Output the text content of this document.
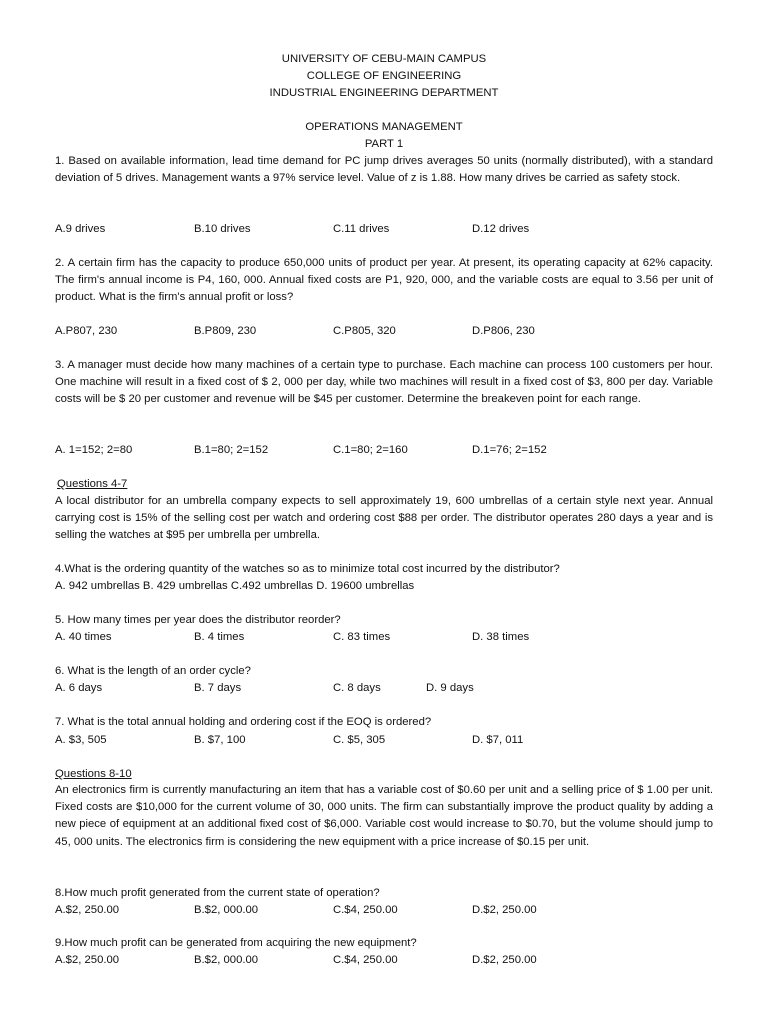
UNIVERSITY OF CEBU-MAIN CAMPUS
COLLEGE OF ENGINEERING
INDUSTRIAL ENGINEERING DEPARTMENT
OPERATIONS MANAGEMENT
PART 1
1. Based on available information, lead time demand for PC jump drives averages 50 units (normally distributed), with a standard deviation of 5 drives. Management wants a 97% service level. Value of z is 1.88. How many drives be carried as safety stock.
A.9 drives	B.10 drives	C.11 drives	D.12 drives
2. A certain firm has the capacity to produce 650,000 units of product per year. At present, its operating capacity at 62% capacity. The firm's annual income is P4, 160, 000. Annual fixed costs are P1, 920, 000, and the variable costs are equal to 3.56 per unit of product. What is the firm's annual profit or loss?
A.P807, 230	B.P809, 230	C.P805, 320	D.P806, 230
3. A manager must decide how many machines of a certain type to purchase. Each machine can process 100 customers per hour. One machine will result in a fixed cost of $ 2, 000 per day, while two machines will result in a fixed cost of $3, 800 per day. Variable costs will be $ 20 per customer and revenue will be $45 per customer. Determine the breakeven point for each range.
A. 1=152; 2=80	B.1=80; 2=152	C.1=80; 2=160	D.1=76; 2=152
Questions 4-7
A local distributor for an umbrella company expects to sell approximately 19, 600 umbrellas of a certain style next year. Annual carrying cost is 15% of the selling cost per watch and ordering cost $88 per order. The distributor operates 280 days a year and is selling the watches at $95 per umbrella per umbrella.
4.What is the ordering quantity of the watches so as to minimize total cost incurred by the distributor?
A. 942 umbrellas B. 429 umbrellas C.492 umbrellas D. 19600 umbrellas
5. How many times per year does the distributor reorder?
A. 40 times	B. 4 times	C. 83 times	D. 38 times
6. What is the length of an order cycle?
A. 6 days	B. 7 days	C. 8 days	D. 9 days
7. What is the total annual holding and ordering cost if the EOQ is ordered?
A. $3, 505	B. $7, 100	C. $5, 305	D. $7, 011
Questions 8-10
An electronics firm is currently manufacturing an item that has a variable cost of $0.60 per unit and a selling price of $ 1.00 per unit. Fixed costs are $10,000 for the current volume of 30, 000 units. The firm can substantially improve the product quality by adding a new piece of equipment at an additional fixed cost of $6,000. Variable cost would increase to $0.70, but the volume should jump to 45, 000 units. The electronics firm is considering the new equipment with a price increase of $0.15 per unit.
8.How much profit generated from the current state of operation?
A.$2, 250.00	B.$2, 000.00	C.$4, 250.00	D.$2, 250.00
9.How much profit can be generated from acquiring the new equipment?
A.$2, 250.00	B.$2, 000.00	C.$4, 250.00	D.$2, 250.00
